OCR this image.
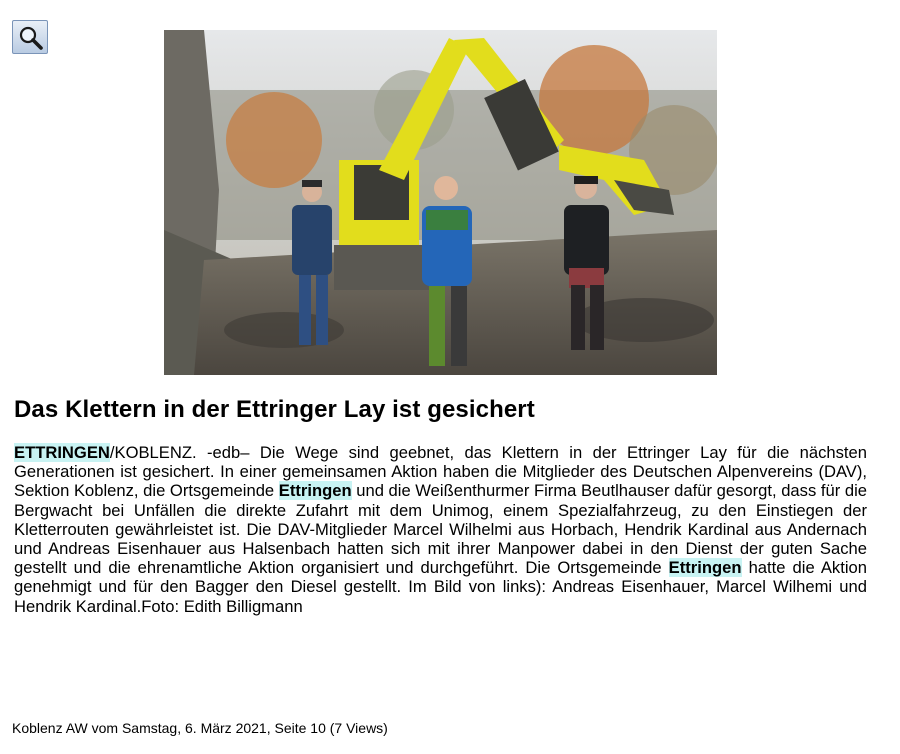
Das Klettern in der Ettringer Lay ist gesichert

ETTRINGEN/KOBLENZ. -edb– Die Wege sind geebnet, das Klettern in der Ettringer Lay für die nächsten Generationen ist gesichert. In einer gemeinsamen Aktion haben die Mitglieder des Deutschen Alpenvereins (DAV), Sektion Koblenz, die Ortsgemeinde Ettringen und die Weißenthurmer Firma Beutlhauser dafür gesorgt, dass für die Bergwacht bei Unfällen die direkte Zufahrt mit dem Unimog, einem Spezialfahrzeug, zu den Einstiegen der Kletterrouten gewährleistet ist. Die DAV-Mitglieder Marcel Wilhelmi aus Horbach, Hendrik Kardinal aus Andernach und Andreas Eisenhauer aus Halsenbach hatten sich mit ihrer Manpower dabei in den Dienst der guten Sache gestellt und die ehrenamtliche Aktion organisiert und durchgeführt. Die Ortsgemeinde Ettringen hatte die Aktion genehmigt und für den Bagger den Diesel gestellt. Im Bild von links): Andreas Eisenhauer, Marcel Wilhemi und Hendrik Kardinal.Foto: Edith Billigmann

Koblenz AW vom Samstag, 6. März 2021, Seite 10 (7 Views)
